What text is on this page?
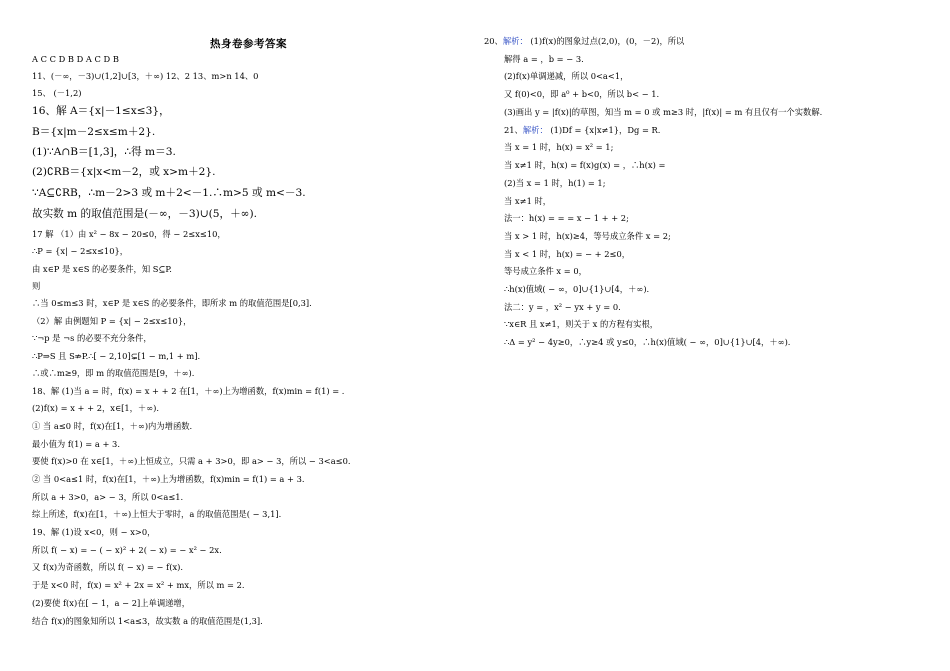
热身卷参考答案
A C C D B D A C D B
11、(－∞，－3)∪(1,2]∪[3，＋∞) 12、2 13、m>n 14、0
15、 (－1,2)
16、解 A＝{x|－1≤x≤3}，
B＝{x|m－2≤x≤m＋2}.
(1)∵A∩B＝[1,3]，∴得 m＝3.
(2)∁RB＝{x|x<m－2，或 x>m＋2}.
∵A⊆∁RB，∴m－2>3 或 m＋2<－1.∴m>5 或 m<－3.
故实数 m 的取值范围是(－∞，－3)∪(5，＋∞).
17 解 （1）由 x² − 8x − 20≤0，得 − 2≤x≤10，
∴P = {x| − 2≤x≤10}，
由 x∈P 是 x∈S 的必要条件，知 S⊆P.
则
∴当 0≤m≤3 时，x∈P 是 x∈S 的必要条件，即所求 m 的取值范围是[0,3].
（2）解 由例题知 P = {x| − 2≤x≤10}，
∵¬p 是 ¬s 的必要不充分条件，
∴P⇒S 且 S⇏P.∴[ − 2,10]⊊[1 − m,1 + m].
∴或∴m≥9，即 m 的取值范围是[9，＋∞).
18、解 (1)当 a = 时，f(x) = x + + 2 在[1，＋∞)上为增函数，f(x)min = f(1) = .
(2)f(x) = x + + 2，x∈[1，＋∞).
① 当 a≤0 时，f(x)在[1，＋∞)内为增函数.
最小值为 f(1) = a + 3.
要使 f(x)>0 在 x∈[1，＋∞)上恒成立，只需 a + 3>0，即 a> − 3，所以 − 3<a≤0.
② 当 0<a≤1 时，f(x)在[1，＋∞)上为增函数，f(x)min = f(1) = a + 3.
所以 a + 3>0，a> − 3，所以 0<a≤1.
综上所述，f(x)在[1，＋∞)上恒大于零时，a 的取值范围是( − 3,1].
19、解 (1)设 x<0，则 − x>0，
所以 f( − x) = − ( − x)² + 2( − x) = − x² − 2x.
又 f(x)为奇函数，所以 f( − x) = − f(x).
于是 x<0 时，f(x) = x² + 2x = x² + mx，所以 m = 2.
(2)要使 f(x)在[ − 1，a − 2]上单调递增，
结合 f(x)的图象知所以 1<a≤3，故实数 a 的取值范围是(1,3].
20、解析： (1)f(x)的图象过点(2,0)，(0，－2)，所以
解得 a = ，b = − 3.
(2)f(x)单调递减，所以 0<a<1，
又 f(0)<0，即 a⁰ + b<0，所以 b< − 1.
(3)画出 y = |f(x)|的草图，知当 m = 0 或 m≥3 时，|f(x)| = m 有且仅有一个实数解.
21、解析： (1)Df = {x|x≠1}，Dg = R.
当 x = 1 时，h(x) = x² = 1;
当 x≠1 时，h(x) = f(x)g(x) = ，∴h(x) =
(2)当 x = 1 时，h(1) = 1;
当 x≠1 时，
法一：h(x) = = = x − 1 + + 2;
当 x > 1 时，h(x)≥4，等号成立条件 x = 2;
当 x < 1 时，h(x) = − + 2≤0，
等号成立条件 x = 0，
∴h(x)值域( − ∞，0]∪{1}∪[4，＋∞).
法二：y = ，x² − yx + y = 0.
∵x∈R 且 x≠1，则关于 x 的方程有实根，
∴Δ = y² − 4y≥0，∴y≥4 或 y≤0，∴h(x)值域( − ∞，0]∪{1}∪[4，＋∞).
